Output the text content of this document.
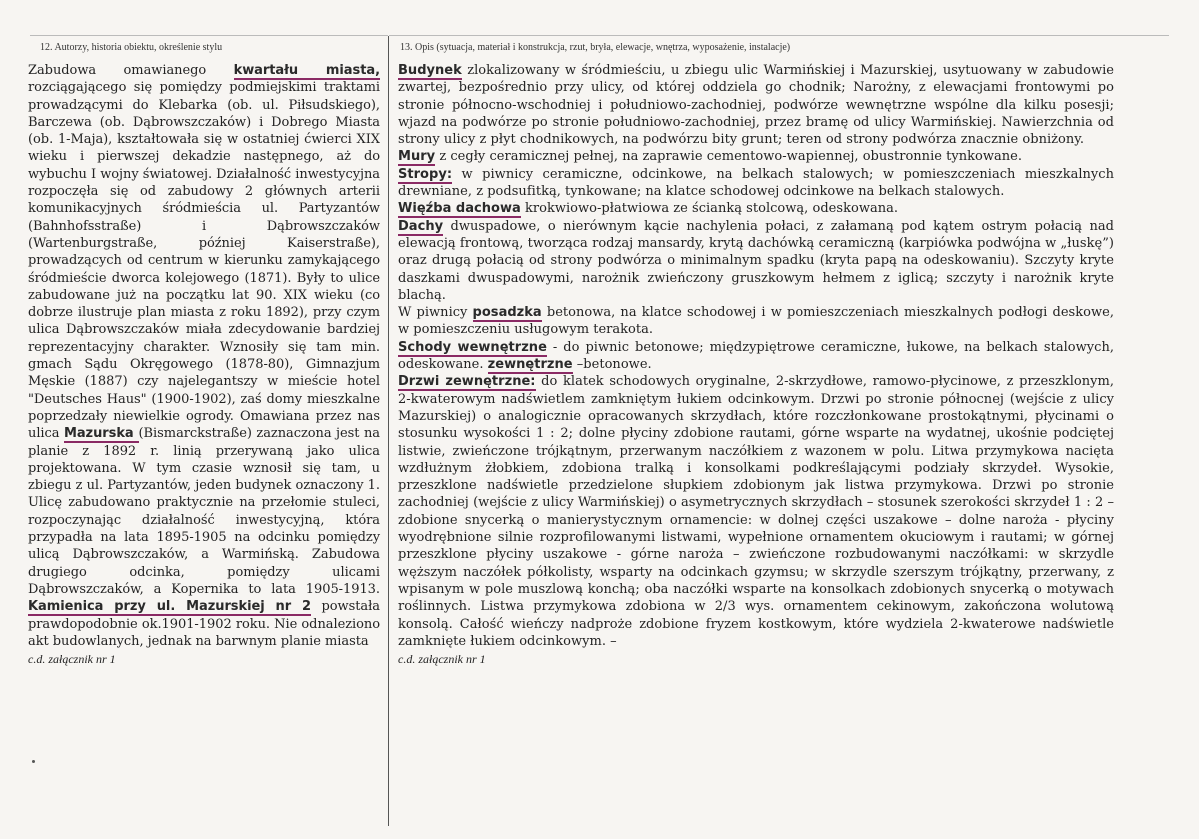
12. Autorzy, historia obiektu, określenie stylu	13. Opis (sytuacja, materiał i konstrukcja, rzut, bryła, elewacje, wnętrza, wyposażenie, instalacje)

Zabudowa omawianego kwartału miasta, rozciągającego się pomiędzy podmiejskimi traktami prowadzącymi do Klebarka (ob. ul. Piłsudskiego), Barczewa (ob. Dąbrowszczaków) i Dobrego Miasta (ob. 1-Maja), kształtowała się w ostatniej ćwierci XIX wieku i pierwszej dekadzie następnego, aż do wybuchu I wojny światowej. Działalność inwestycyjna rozpoczęła się od zabudowy 2 głównych arterii komunikacyjnych śródmieścia ul. Partyzantów (Bahnhofsstraße) i Dąbrowszczaków (Wartenburgstraße, później Kaiserstraße), prowadzących od centrum w kierunku zamykającego śródmieście dworca kolejowego (1871). Były to ulice zabudowane już na początku lat 90. XIX wieku (co dobrze ilustruje plan miasta z roku 1892), przy czym ulica Dąbrowszczaków miała zdecydowanie bardziej reprezentacyjny charakter. Wznosiły się tam min. gmach Sądu Okręgowego (1878-80), Gimnazjum Męskie (1887) czy najelegantszy w mieście hotel "Deutsches Haus" (1900-1902), zaś domy mieszkalne poprzedzały niewielkie ogrody. Omawiana przez nas ulica Mazurska (Bismarckstraße) zaznaczona jest na planie z 1892 r. linią przerywaną jako ulica projektowana. W tym czasie wznosił się tam, u zbiegu z ul. Partyzantów, jeden budynek oznaczony 1. Ulicę zabudowano praktycznie na przełomie stuleci, rozpoczynając działalność inwestycyjną, która przypadła na lata 1895-1905 na odcinku pomiędzy ulicą Dąbrowszczaków, a Warmińską. Zabudowa drugiego odcinka, pomiędzy ulicami Dąbrowszczaków, a Kopernika to lata 1905-1913. Kamienica przy ul. Mazurskiej nr 2 powstała prawdopodobnie ok.1901-1902 roku. Nie odnaleziono akt budowlanych, jednak na barwnym planie miasta

c.d. załącznik nr 1

Budynek zlokalizowany w śródmieściu, u zbiegu ulic Warmińskiej i Mazurskiej, usytuowany w zabudowie zwartej, bezpośrednio przy ulicy, od której oddziela go chodnik; Narożny, z elewacjami frontowymi po stronie północno-wschodniej i południowo-zachodniej, podwórze wewnętrzne wspólne dla kilku posesji; wjazd na podwórze po stronie południowo-zachodniej, przez bramę od ulicy Warmińskiej. Nawierzchnia od strony ulicy z płyt chodnikowych, na podwórzu bity grunt; teren od strony podwórza znacznie obniżony.

Mury z cegły ceramicznej pełnej, na zaprawie cementowo-wapiennej, obustronnie tynkowane.

Stropy: w piwnicy ceramiczne, odcinkowe, na belkach stalowych; w pomieszczeniach mieszkalnych drewniane, z podsufitką, tynkowane; na klatce schodowej odcinkowe na belkach stalowych.

Więźba dachowa krokwiowo-płatwiowa ze ścianką stolcową, odeskowana.

Dachy dwuspadowe, o nierównym kącie nachylenia połaci, z załamaną pod kątem ostrym połacią nad elewacją frontową, tworząca rodzaj mansardy, krytą dachówką ceramiczną (karpiówka podwójna w „łuskę”) oraz drugą połacią od strony podwórza o minimalnym spadku (kryta papą na odeskowaniu). Szczyty kryte daszkami dwuspadowymi, narożnik zwieńczony gruszkowym hełmem z iglicą; szczyty i narożnik kryte blachą.

W piwnicy posadzka betonowa, na klatce schodowej i w pomieszczeniach mieszkalnych podłogi deskowe, w pomieszczeniu usługowym terakota.

Schody wewnętrzne - do piwnic betonowe; międzypiętrowe ceramiczne, łukowe, na belkach stalowych, odeskowane. zewnętrzne –betonowe.

Drzwi zewnętrzne: do klatek schodowych oryginalne, 2-skrzydłowe, ramowo-płycinowe, z przeszklonym, 2-kwaterowym nadświetlem zamkniętym łukiem odcinkowym. Drzwi po stronie północnej (wejście z ulicy Mazurskiej) o analogicznie opracowanych skrzydłach, które rozczłonkowane prostokątnymi, płycinami o stosunku wysokości 1 : 2; dolne płyciny zdobione rautami, górne wsparte na wydatnej, ukośnie podciętej listwie, zwieńczone trójkątnym, przerwanym naczółkiem z wazonem w polu. Litwa przymykowa nacięta wzdłużnym żłobkiem, zdobiona tralką i konsolkami podkreślającymi podziały skrzydeł. Wysokie, przeszklone nadświetle przedzielone słupkiem zdobionym jak listwa przymykowa. Drzwi po stronie zachodniej (wejście z ulicy Warmińskiej) o asymetrycznych skrzydłach – stosunek szerokości skrzydeł 1 : 2 – zdobione snycerką o manierystycznym ornamencie: w dolnej części uszakowe – dolne naroża - płyciny wyodrębnione silnie rozprofilowanymi listwami, wypełnione ornamentem okuciowym i rautami; w górnej przeszklone płyciny uszakowe - górne naroża – zwieńczone rozbudowanymi naczółkami: w skrzydle węższym naczółek półkolisty, wsparty na odcinkach gzymsu; w skrzydle szerszym trójkątny, przerwany, z wpisanym w pole muszlową konchą; oba naczółki wsparte na konsolkach zdobionych snycerką o motywach roślinnych. Listwa przymykowa zdobiona w 2/3 wys. ornamentem cekinowym, zakończona wolutową konsolą. Całość wieńczy nadproże zdobione fryzem kostkowym, które wydziela 2-kwaterowe nadświetle zamknięte łukiem odcinkowym. –

c.d. załącznik nr 1
